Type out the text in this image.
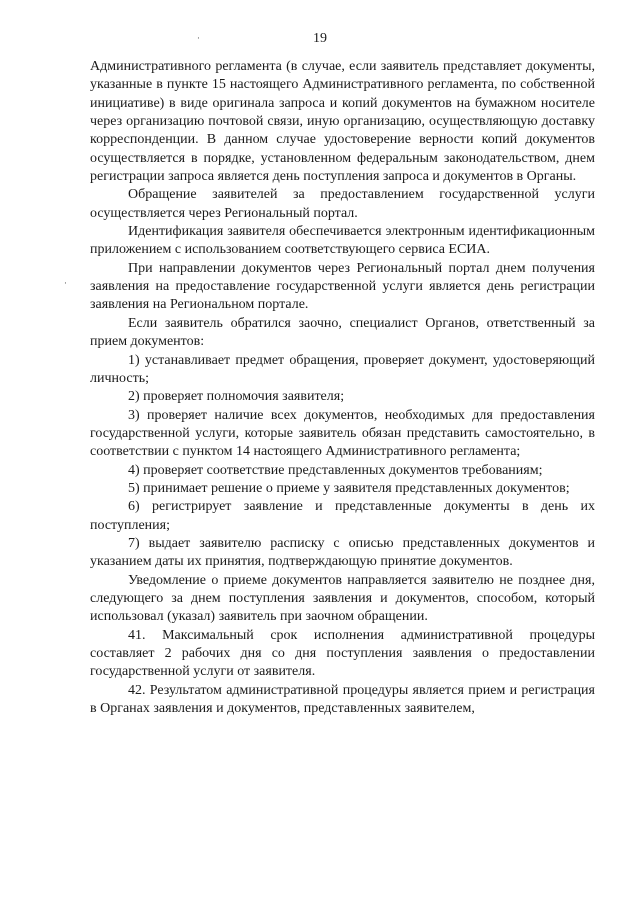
19
·
·

Административного регламента (в случае, если заявитель представляет документы, указанные в пункте 15 настоящего Административного регламента, по собственной инициативе) в виде оригинала запроса и копий документов на бумажном носителе через организацию почтовой связи, иную организацию, осуществляющую доставку корреспонденции. В данном случае удостоверение верности копий документов осуществляется в порядке, установленном федеральным законодательством, днем регистрации запроса является день поступления запроса и документов в Органы.

Обращение заявителей за предоставлением государственной услуги осуществляется через Региональный портал.

Идентификация заявителя обеспечивается электронным идентификационным приложением с использованием соответствующего сервиса ЕСИА.

При направлении документов через Региональный портал днем получения заявления на предоставление государственной услуги является день регистрации заявления на Региональном портале.

Если заявитель обратился заочно, специалист Органов, ответственный за прием документов:

1) устанавливает предмет обращения, проверяет документ, удостоверяющий личность;

2) проверяет полномочия заявителя;

3) проверяет наличие всех документов, необходимых для предоставления государственной услуги, которые заявитель обязан представить самостоятельно, в соответствии с пунктом 14 настоящего Административного регламента;

4) проверяет соответствие представленных документов требованиям;

5) принимает решение о приеме у заявителя представленных документов;

6) регистрирует заявление и представленные документы в день их поступления;

7) выдает заявителю расписку с описью представленных документов и указанием даты их принятия, подтверждающую принятие документов.

Уведомление о приеме документов направляется заявителю не позднее дня, следующего за днем поступления заявления и документов, способом, который использовал (указал) заявитель при заочном обращении.

41. Максимальный срок исполнения административной процедуры составляет 2 рабочих дня со дня поступления заявления о предоставлении государственной услуги от заявителя.

42. Результатом административной процедуры является прием и регистрация в Органах заявления и документов, представленных заявителем,
